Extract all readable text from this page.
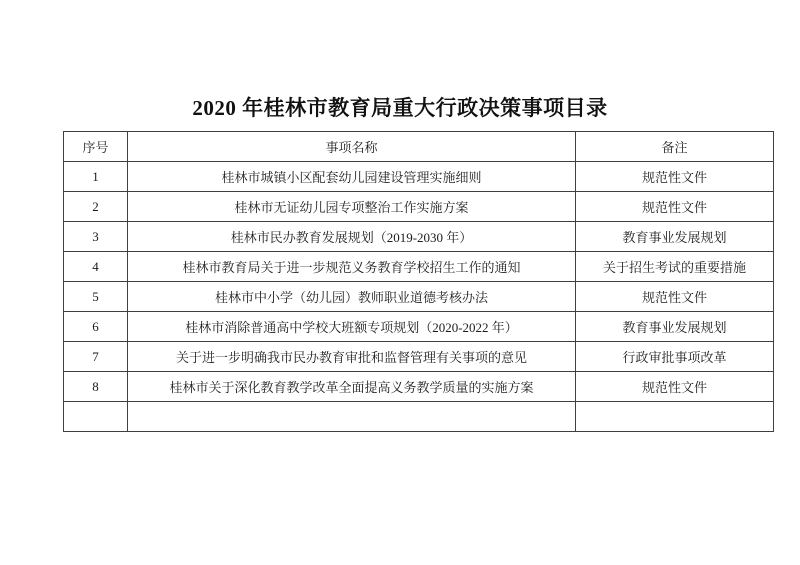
2020 年桂林市教育局重大行政决策事项目录
序号	事项名称	备注
1	桂林市城镇小区配套幼儿园建设管理实施细则	规范性文件
2	桂林市无证幼儿园专项整治工作实施方案	规范性文件
3	桂林市民办教育发展规划（2019-2030 年）	教育事业发展规划
4	桂林市教育局关于进一步规范义务教育学校招生工作的通知	关于招生考试的重要措施
5	桂林市中小学（幼儿园）教师职业道德考核办法	规范性文件
6	桂林市消除普通高中学校大班额专项规划（2020-2022 年）	教育事业发展规划
7	关于进一步明确我市民办教育审批和监督管理有关事项的意见	行政审批事项改革
8	桂林市关于深化教育教学改革全面提高义务教学质量的实施方案	规范性文件
